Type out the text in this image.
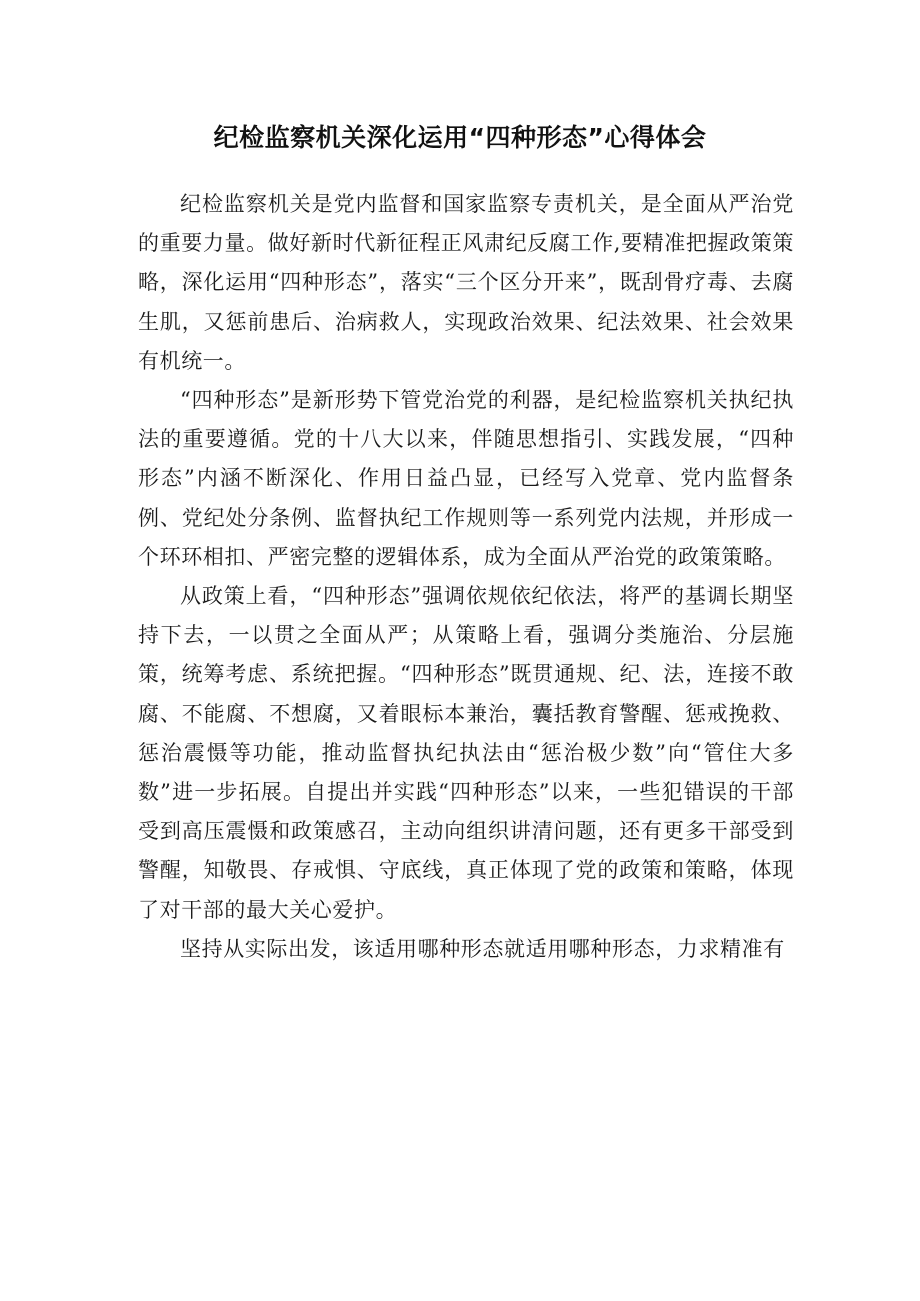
纪检监察机关深化运用“四种形态”心得体会

纪检监察机关是党内监督和国家监察专责机关，是全面从严治党的重要力量。做好新时代新征程正风肃纪反腐工作,要精准把握政策策略，深化运用“四种形态”，落实“三个区分开来”，既刮骨疗毒、去腐生肌，又惩前患后、治病救人，实现政治效果、纪法效果、社会效果有机统一。

“四种形态”是新形势下管党治党的利器，是纪检监察机关执纪执法的重要遵循。党的十八大以来，伴随思想指引、实践发展，“四种形态”内涵不断深化、作用日益凸显，已经写入党章、党内监督条例、党纪处分条例、监督执纪工作规则等一系列党内法规，并形成一个环环相扣、严密完整的逻辑体系，成为全面从严治党的政策策略。

从政策上看，“四种形态”强调依规依纪依法，将严的基调长期坚持下去，一以贯之全面从严；从策略上看，强调分类施治、分层施策，统筹考虑、系统把握。“四种形态”既贯通规、纪、法，连接不敢腐、不能腐、不想腐，又着眼标本兼治，囊括教育警醒、惩戒挽救、惩治震慑等功能，推动监督执纪执法由“惩治极少数”向“管住大多数”进一步拓展。自提出并实践“四种形态”以来，一些犯错误的干部受到高压震慑和政策感召，主动向组织讲清问题，还有更多干部受到警醒，知敬畏、存戒惧、守底线，真正体现了党的政策和策略，体现了对干部的最大关心爱护。

坚持从实际出发，该适用哪种形态就适用哪种形态，力求精准有
